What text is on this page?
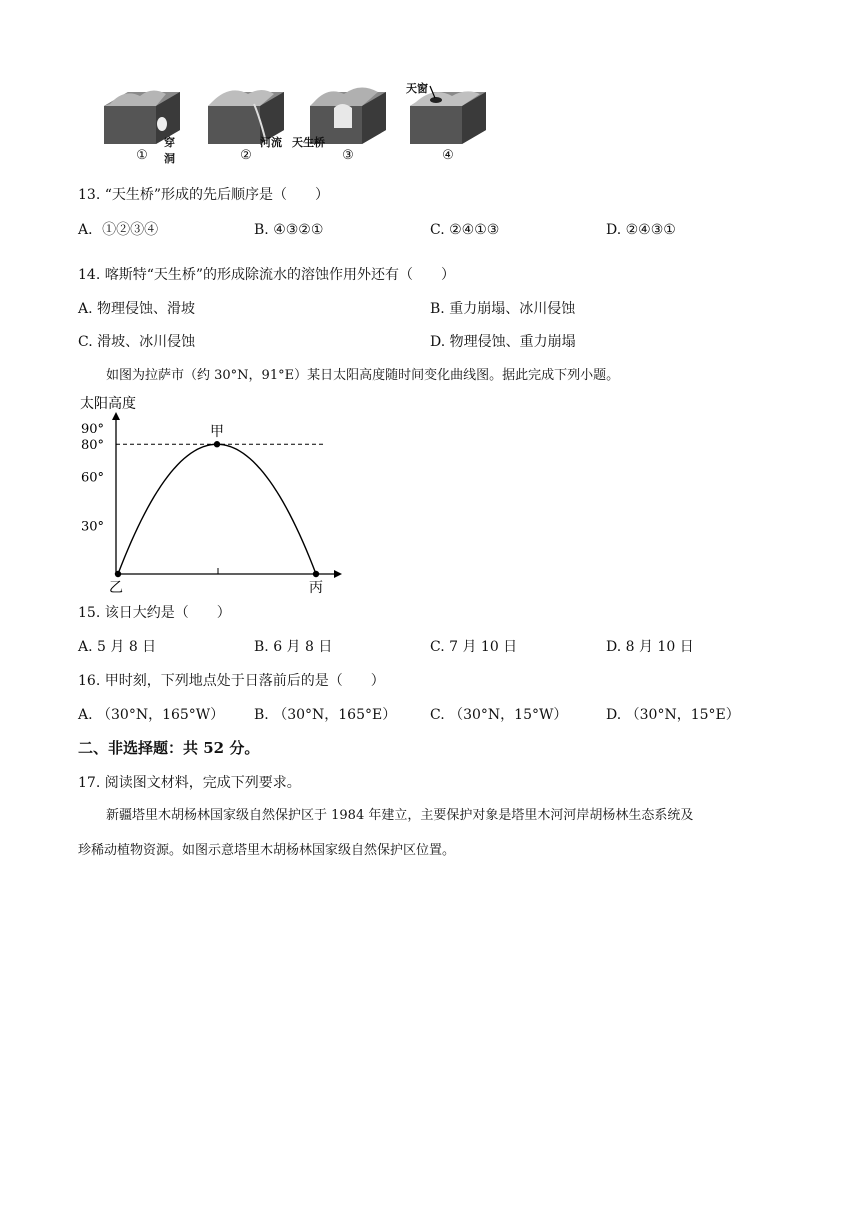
穿洞
①
河流
②
天生桥
③
天窗
④
13. “天生桥”形成的先后顺序是（　　）
A．①②③④	B. ④③②①	C. ②④①③	D. ②④③①
14. 喀斯特“天生桥”的形成除流水的溶蚀作用外还有（　　）
A. 物理侵蚀、滑坡	B. 重力崩塌、冰川侵蚀
C. 滑坡、冰川侵蚀	D. 物理侵蚀、重力崩塌
如图为拉萨市（约 30°N，91°E）某日太阳高度随时间变化曲线图。据此完成下列小题。
太阳高度
90°
80°
60°
30°
甲
乙	丙
15. 该日大约是（　　）
A. 5 月 8 日	B. 6 月 8 日	C. 7 月 10 日	D. 8 月 10 日
16. 甲时刻，下列地点处于日落前后的是（　　）
A. （30°N，165°W） B. （30°N，165°E） C. （30°N，15°W）	D. （30°N，15°E）
二、非选择题：共 52 分。
17. 阅读图文材料，完成下列要求。
新疆塔里木胡杨林国家级自然保护区于 1984 年建立，主要保护对象是塔里木河河岸胡杨林生态系统及
珍稀动植物资源。如图示意塔里木胡杨林国家级自然保护区位置。
